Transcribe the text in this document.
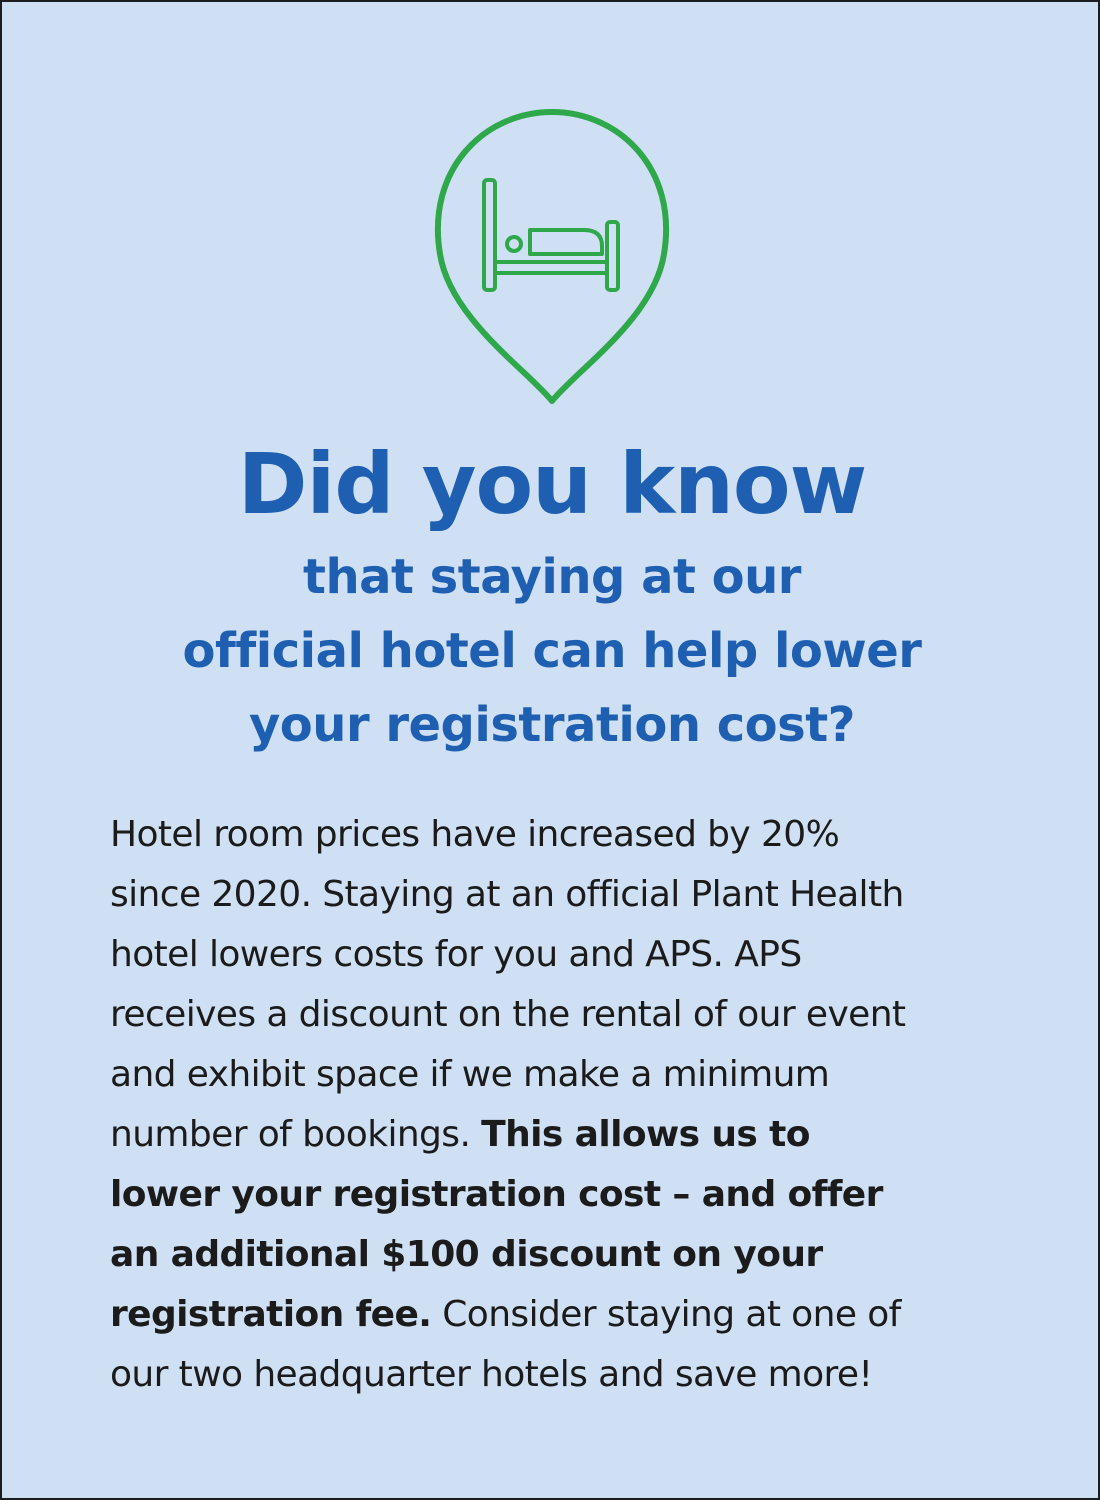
Did you know
that staying at our
official hotel can help lower
your registration cost?

Hotel room prices have increased by 20%
since 2020. Staying at an official Plant Health
hotel lowers costs for you and APS. APS
receives a discount on the rental of our event
and exhibit space if we make a minimum
number of bookings. This allows us to
lower your registration cost – and offer
an additional $100 discount on your
registration fee. Consider staying at one of
our two headquarter hotels and save more!
